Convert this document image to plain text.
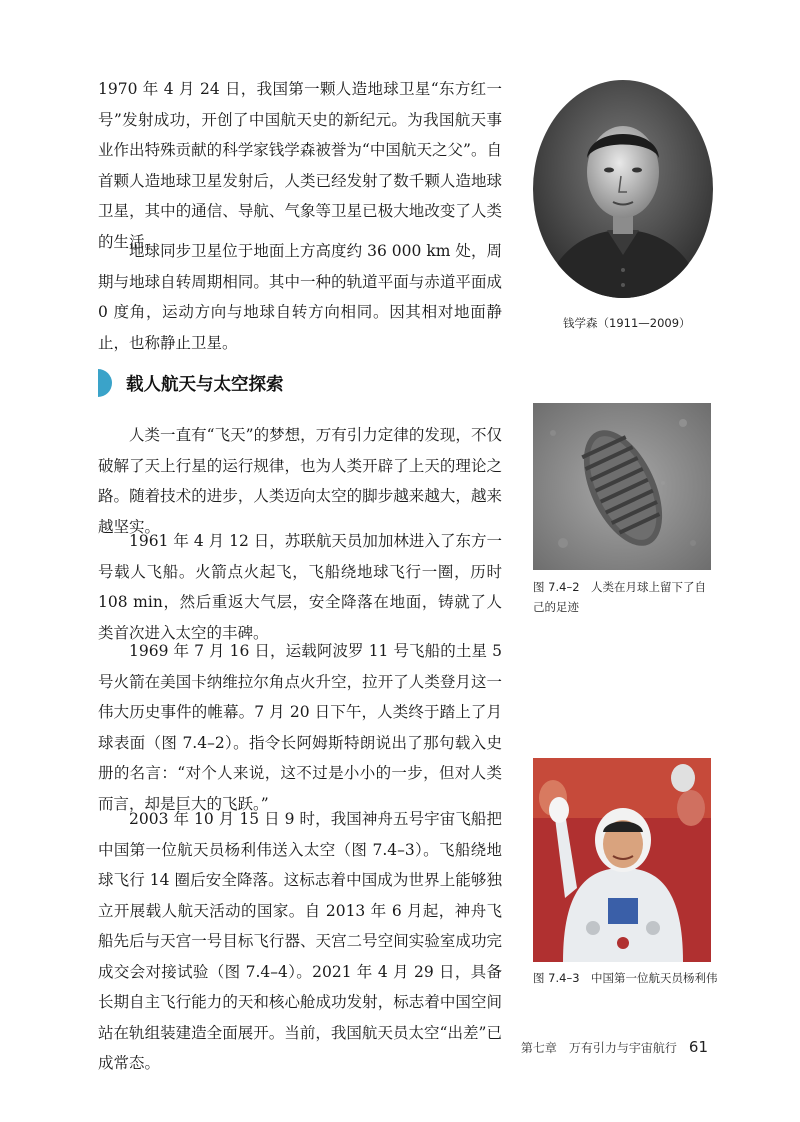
1970 年 4 月 24 日，我国第一颗人造地球卫星“东方红一号”发射成功，开创了中国航天史的新纪元。为我国航天事业作出特殊贡献的科学家钱学森被誉为“中国航天之父”。自首颗人造地球卫星发射后，人类已经发射了数千颗人造地球卫星，其中的通信、导航、气象等卫星已极大地改变了人类的生活。

地球同步卫星位于地面上方高度约 36 000 km 处，周期与地球自转周期相同。其中一种的轨道平面与赤道平面成 0 度角，运动方向与地球自转方向相同。因其相对地面静止，也称静止卫星。

载人航天与太空探索

人类一直有“飞天”的梦想，万有引力定律的发现，不仅破解了天上行星的运行规律，也为人类开辟了上天的理论之路。随着技术的进步，人类迈向太空的脚步越来越大，越来越坚实。

1961 年 4 月 12 日，苏联航天员加加林进入了东方一号载人飞船。火箭点火起飞，飞船绕地球飞行一圈，历时 108 min，然后重返大气层，安全降落在地面，铸就了人类首次进入太空的丰碑。

1969 年 7 月 16 日，运载阿波罗 11 号飞船的土星 5 号火箭在美国卡纳维拉尔角点火升空，拉开了人类登月这一伟大历史事件的帷幕。7 月 20 日下午，人类终于踏上了月球表面（图 7.4–2）。指令长阿姆斯特朗说出了那句载入史册的名言：“对个人来说，这不过是小小的一步，但对人类而言，却是巨大的飞跃。”

2003 年 10 月 15 日 9 时，我国神舟五号宇宙飞船把中国第一位航天员杨利伟送入太空（图 7.4–3）。飞船绕地球飞行 14 圈后安全降落。这标志着中国成为世界上能够独立开展载人航天活动的国家。自 2013 年 6 月起，神舟飞船先后与天宫一号目标飞行器、天宫二号空间实验室成功完成交会对接试验（图 7.4–4）。2021 年 4 月 29 日，具备长期自主飞行能力的天和核心舱成功发射，标志着中国空间站在轨组装建造全面展开。当前，我国航天员太空“出差”已成常态。

钱学森（1911—2009）
图 7.4–2　人类在月球上留下了自己的足迹
图 7.4–3　中国第一位航天员杨利伟
第七章　万有引力与宇宙航行 61
